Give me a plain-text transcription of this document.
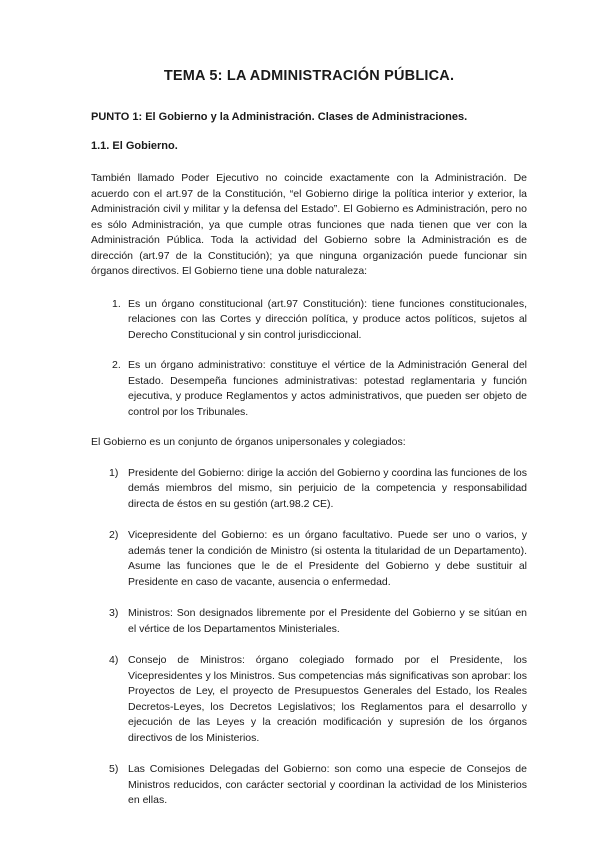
TEMA 5: LA ADMINISTRACIÓN PÚBLICA.
PUNTO 1: El Gobierno y la Administración. Clases de Administraciones.
1.1. El Gobierno.

También llamado Poder Ejecutivo no coincide exactamente con la Administración. De acuerdo con el art.97 de la Constitución, “el Gobierno dirige la política interior y exterior, la Administración civil y militar y la defensa del Estado”. El Gobierno es Administración, pero no es sólo Administración, ya que cumple otras funciones que nada tienen que ver con la Administración Pública. Toda la actividad del Gobierno sobre la Administración es de dirección (art.97 de la Constitución); ya que ninguna organización puede funcionar sin órganos directivos. El Gobierno tiene una doble naturaleza:

1. Es un órgano constitucional (art.97 Constitución): tiene funciones constitucionales, relaciones con las Cortes y dirección política, y produce actos políticos, sujetos al Derecho Constitucional y sin control jurisdiccional.
2. Es un órgano administrativo: constituye el vértice de la Administración General del Estado. Desempeña funciones administrativas: potestad reglamentaria y función ejecutiva, y produce Reglamentos y actos administrativos, que pueden ser objeto de control por los Tribunales.

El Gobierno es un conjunto de órganos unipersonales y colegiados:

1) Presidente del Gobierno: dirige la acción del Gobierno y coordina las funciones de los demás miembros del mismo, sin perjuicio de la competencia y responsabilidad directa de éstos en su gestión (art.98.2 CE).
2) Vicepresidente del Gobierno: es un órgano facultativo. Puede ser uno o varios, y además tener la condición de Ministro (si ostenta la titularidad de un Departamento). Asume las funciones que le de el Presidente del Gobierno y debe sustituir al Presidente en caso de vacante, ausencia o enfermedad.
3) Ministros: Son designados libremente por el Presidente del Gobierno y se sitúan en el vértice de los Departamentos Ministeriales.
4) Consejo de Ministros: órgano colegiado formado por el Presidente, los Vicepresidentes y los Ministros. Sus competencias más significativas son aprobar: los Proyectos de Ley, el proyecto de Presupuestos Generales del Estado, los Reales Decretos-Leyes, los Decretos Legislativos; los Reglamentos para el desarrollo y ejecución de las Leyes y la creación modificación y supresión de los órganos directivos de los Ministerios.
5) Las Comisiones Delegadas del Gobierno: son como una especie de Consejos de Ministros reducidos, con carácter sectorial y coordinan la actividad de los Ministerios en ellas.
